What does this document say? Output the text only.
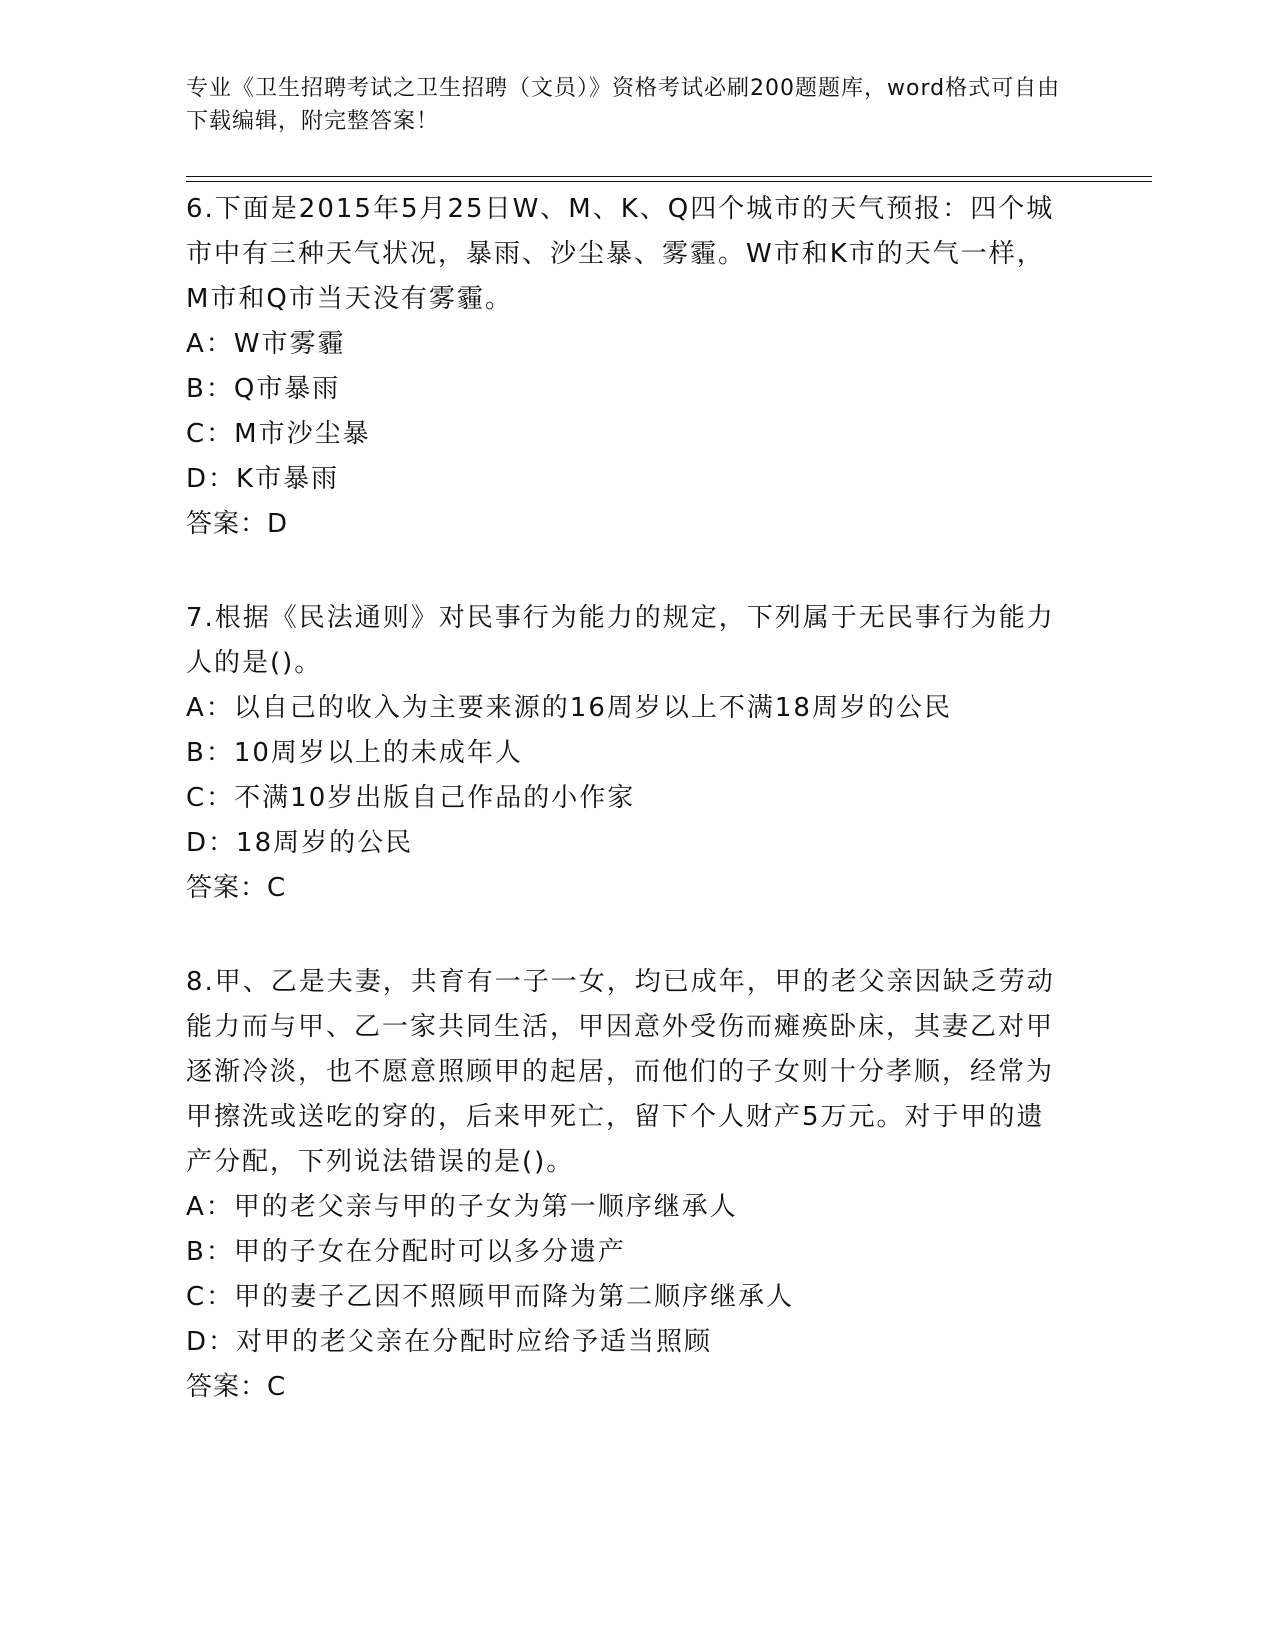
专业《卫生招聘考试之卫生招聘（文员）》资格考试必刷200题题库，word格式可自由下载编辑，附完整答案！
6.下面是2015年5月25日W、M、K、Q四个城市的天气预报：四个城市中有三种天气状况，暴雨、沙尘暴、雾霾。W市和K市的天气一样，M市和Q市当天没有雾霾。
A：W市雾霾
B：Q市暴雨
C：M市沙尘暴
D：K市暴雨
答案：D
7.根据《民法通则》对民事行为能力的规定，下列属于无民事行为能力人的是()。
A：以自己的收入为主要来源的16周岁以上不满18周岁的公民
B：10周岁以上的未成年人
C：不满10岁出版自己作品的小作家
D：18周岁的公民
答案：C
8.甲、乙是夫妻，共育有一子一女，均已成年，甲的老父亲因缺乏劳动能力而与甲、乙一家共同生活，甲因意外受伤而瘫痪卧床，其妻乙对甲逐渐冷淡，也不愿意照顾甲的起居，而他们的子女则十分孝顺，经常为甲擦洗或送吃的穿的，后来甲死亡，留下个人财产5万元。对于甲的遗产分配，下列说法错误的是()。
A：甲的老父亲与甲的子女为第一顺序继承人
B：甲的子女在分配时可以多分遗产
C：甲的妻子乙因不照顾甲而降为第二顺序继承人
D：对甲的老父亲在分配时应给予适当照顾
答案：C
